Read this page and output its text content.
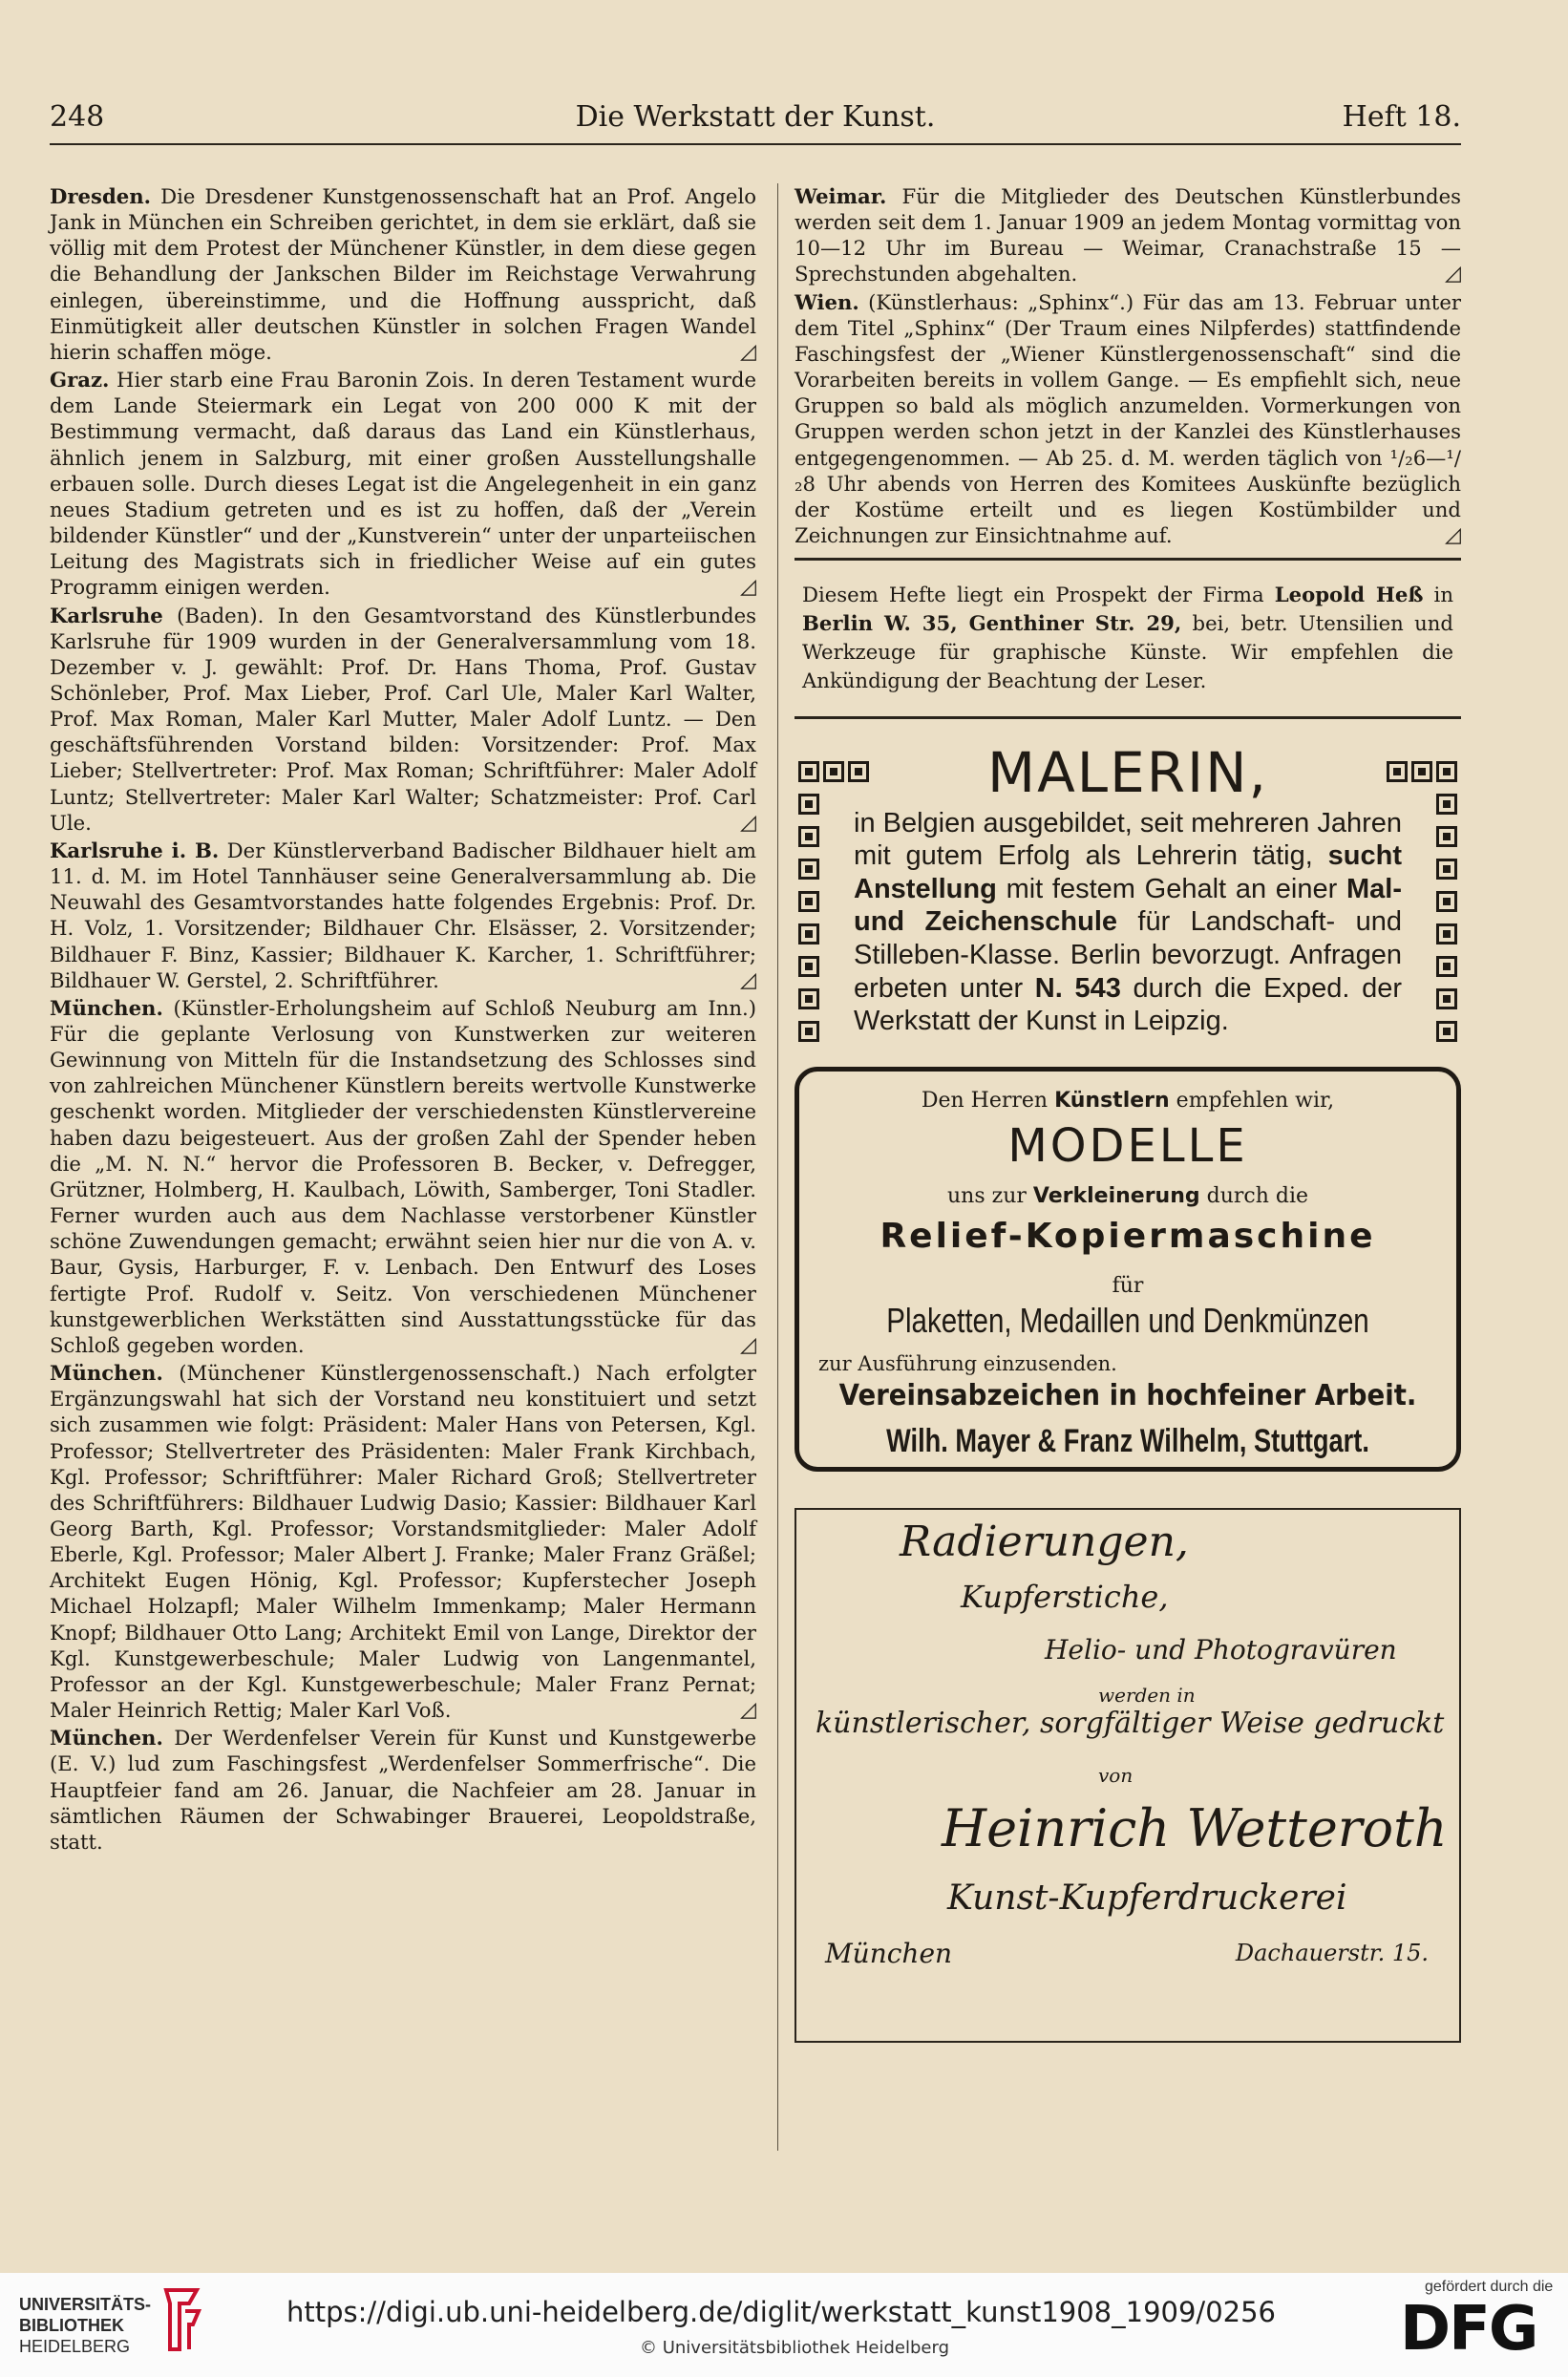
248	Die Werkstatt der Kunst.	Heft 18.

Dresden. Die Dresdener Kunstgenossenschaft hat an Prof. Angelo Jank in München ein Schreiben gerichtet, in dem sie erklärt, daß sie völlig mit dem Protest der Münchener Künstler, in dem diese gegen die Behandlung der Jankschen Bilder im Reichstage Verwahrung einlegen, übereinstimme, und die Hoffnung ausspricht, daß Einmütigkeit aller deutschen Künstler in solchen Fragen Wandel hierin schaffen möge.	◿

Graz. Hier starb eine Frau Baronin Zois. In deren Testament wurde dem Lande Steiermark ein Legat von 200 000 K mit der Bestimmung vermacht, daß daraus das Land ein Künstlerhaus, ähnlich jenem in Salzburg, mit einer großen Ausstellungshalle erbauen solle. Durch dieses Legat ist die Angelegenheit in ein ganz neues Stadium getreten und es ist zu hoffen, daß der „Verein bildender Künstler“ und der „Kunstverein“ unter der unparteiischen Leitung des Magistrats sich in friedlicher Weise auf ein gutes Programm einigen werden.	◿

Karlsruhe (Baden). In den Gesamtvorstand des Künstlerbundes Karlsruhe für 1909 wurden in der Generalversammlung vom 18. Dezember v. J. gewählt: Prof. Dr. Hans Thoma, Prof. Gustav Schönleber, Prof. Max Lieber, Prof. Carl Ule, Maler Karl Walter, Prof. Max Roman, Maler Karl Mutter, Maler Adolf Luntz. — Den geschäftsführenden Vorstand bilden: Vorsitzender: Prof. Max Lieber; Stellvertreter: Prof. Max Roman; Schriftführer: Maler Adolf Luntz; Stellvertreter: Maler Karl Walter; Schatzmeister: Prof. Carl Ule.	◿

Karlsruhe i. B. Der Künstlerverband Badischer Bildhauer hielt am 11. d. M. im Hotel Tannhäuser seine Generalversammlung ab. Die Neuwahl des Gesamtvorstandes hatte folgendes Ergebnis: Prof. Dr. H. Volz, 1. Vorsitzender; Bildhauer Chr. Elsässer, 2. Vorsitzender; Bildhauer F. Binz, Kassier; Bildhauer K. Karcher, 1. Schriftführer; Bildhauer W. Gerstel, 2. Schriftführer.	◿

München. (Künstler-Erholungsheim auf Schloß Neuburg am Inn.) Für die geplante Verlosung von Kunstwerken zur weiteren Gewinnung von Mitteln für die Instandsetzung des Schlosses sind von zahlreichen Münchener Künstlern bereits wertvolle Kunstwerke geschenkt worden. Mitglieder der verschiedensten Künstlervereine haben dazu beigesteuert. Aus der großen Zahl der Spender heben die „M. N. N.“ hervor die Professoren B. Becker, v. Defregger, Grützner, Holmberg, H. Kaulbach, Löwith, Samberger, Toni Stadler. Ferner wurden auch aus dem Nachlasse verstorbener Künstler schöne Zuwendungen gemacht; erwähnt seien hier nur die von A. v. Baur, Gysis, Harburger, F. v. Lenbach. Den Entwurf des Loses fertigte Prof. Rudolf v. Seitz. Von verschiedenen Münchener kunstgewerblichen Werkstätten sind Ausstattungsstücke für das Schloß gegeben worden.	◿

München. (Münchener Künstlergenossenschaft.) Nach erfolgter Ergänzungswahl hat sich der Vorstand neu konstituiert und setzt sich zusammen wie folgt: Präsident: Maler Hans von Petersen, Kgl. Professor; Stellvertreter des Präsidenten: Maler Frank Kirchbach, Kgl. Professor; Schriftführer: Maler Richard Groß; Stellvertreter des Schriftführers: Bildhauer Ludwig Dasio; Kassier: Bildhauer Karl Georg Barth, Kgl. Professor; Vorstandsmitglieder: Maler Adolf Eberle, Kgl. Professor; Maler Albert J. Franke; Maler Franz Gräßel; Architekt Eugen Hönig, Kgl. Professor; Kupferstecher Joseph Michael Holzapfl; Maler Wilhelm Immenkamp; Maler Hermann Knopf; Bildhauer Otto Lang; Architekt Emil von Lange, Direktor der Kgl. Kunstgewerbeschule; Maler Ludwig von Langenmantel, Professor an der Kgl. Kunstgewerbeschule; Maler Franz Pernat; Maler Heinrich Rettig; Maler Karl Voß.	◿

München. Der Werdenfelser Verein für Kunst und Kunstgewerbe (E. V.) lud zum Faschingsfest „Werdenfelser Sommerfrische“. Die Hauptfeier fand am 26. Januar, die Nachfeier am 28. Januar in sämtlichen Räumen der Schwabinger Brauerei, Leopoldstraße, statt.

Weimar. Für die Mitglieder des Deutschen Künstlerbundes werden seit dem 1. Januar 1909 an jedem Montag vormittag von 10—12 Uhr im Bureau — Weimar, Cranachstraße 15 — Sprechstunden abgehalten.	◿

Wien. (Künstlerhaus: „Sphinx“.) Für das am 13. Februar unter dem Titel „Sphinx“ (Der Traum eines Nilpferdes) stattfindende Faschingsfest der „Wiener Künstlergenossenschaft“ sind die Vorarbeiten bereits in vollem Gange. — Es empfiehlt sich, neue Gruppen so bald als möglich anzumelden. Vormerkungen von Gruppen werden schon jetzt in der Kanzlei des Künstlerhauses entgegengenommen. — Ab 25. d. M. werden täglich von ¹/₂6—¹/₂8 Uhr abends von Herren des Komitees Auskünfte bezüglich der Kostüme erteilt und es liegen Kostümbilder und Zeichnungen zur Einsichtnahme auf.	◿

Diesem Hefte liegt ein Prospekt der Firma Leopold Heß in Berlin W. 35, Genthiner Str. 29, bei, betr. Utensilien und Werkzeuge für graphische Künste. Wir empfehlen die Ankündigung der Beachtung der Leser.

MALERIN,
in Belgien ausgebildet, seit mehreren Jahren mit gutem Erfolg als Lehrerin tätig, sucht Anstellung mit festem Gehalt an einer Mal- und Zeichenschule für Landschaft- und Stilleben-Klasse. Berlin bevorzugt. Anfragen erbeten unter N. 543 durch die Exped. der Werkstatt der Kunst in Leipzig.
Den Herren Künstlern empfehlen wir,
MODELLE
uns zur Verkleinerung durch die
Relief-Kopiermaschine
für
Plaketten, Medaillen und Denkmünzen
zur Ausführung einzusenden.
Vereinsabzeichen in hochfeiner Arbeit.
Wilh. Mayer & Franz Wilhelm, Stuttgart.
Radierungen,
Kupferstiche,
Helio- und Photogravüren
werden in
künstlerischer, sorgfältiger Weise gedruckt
von
Heinrich Wetteroth
Kunst-Kupferdruckerei
München	Dachauerstr. 15.
UNIVERSITÄTS-
BIBLIOTHEK
HEIDELBERG
https://digi.ub.uni-heidelberg.de/diglit/werkstatt_kunst1908_1909/0256
© Universitätsbibliothek Heidelberg
gefördert durch die
DFG
